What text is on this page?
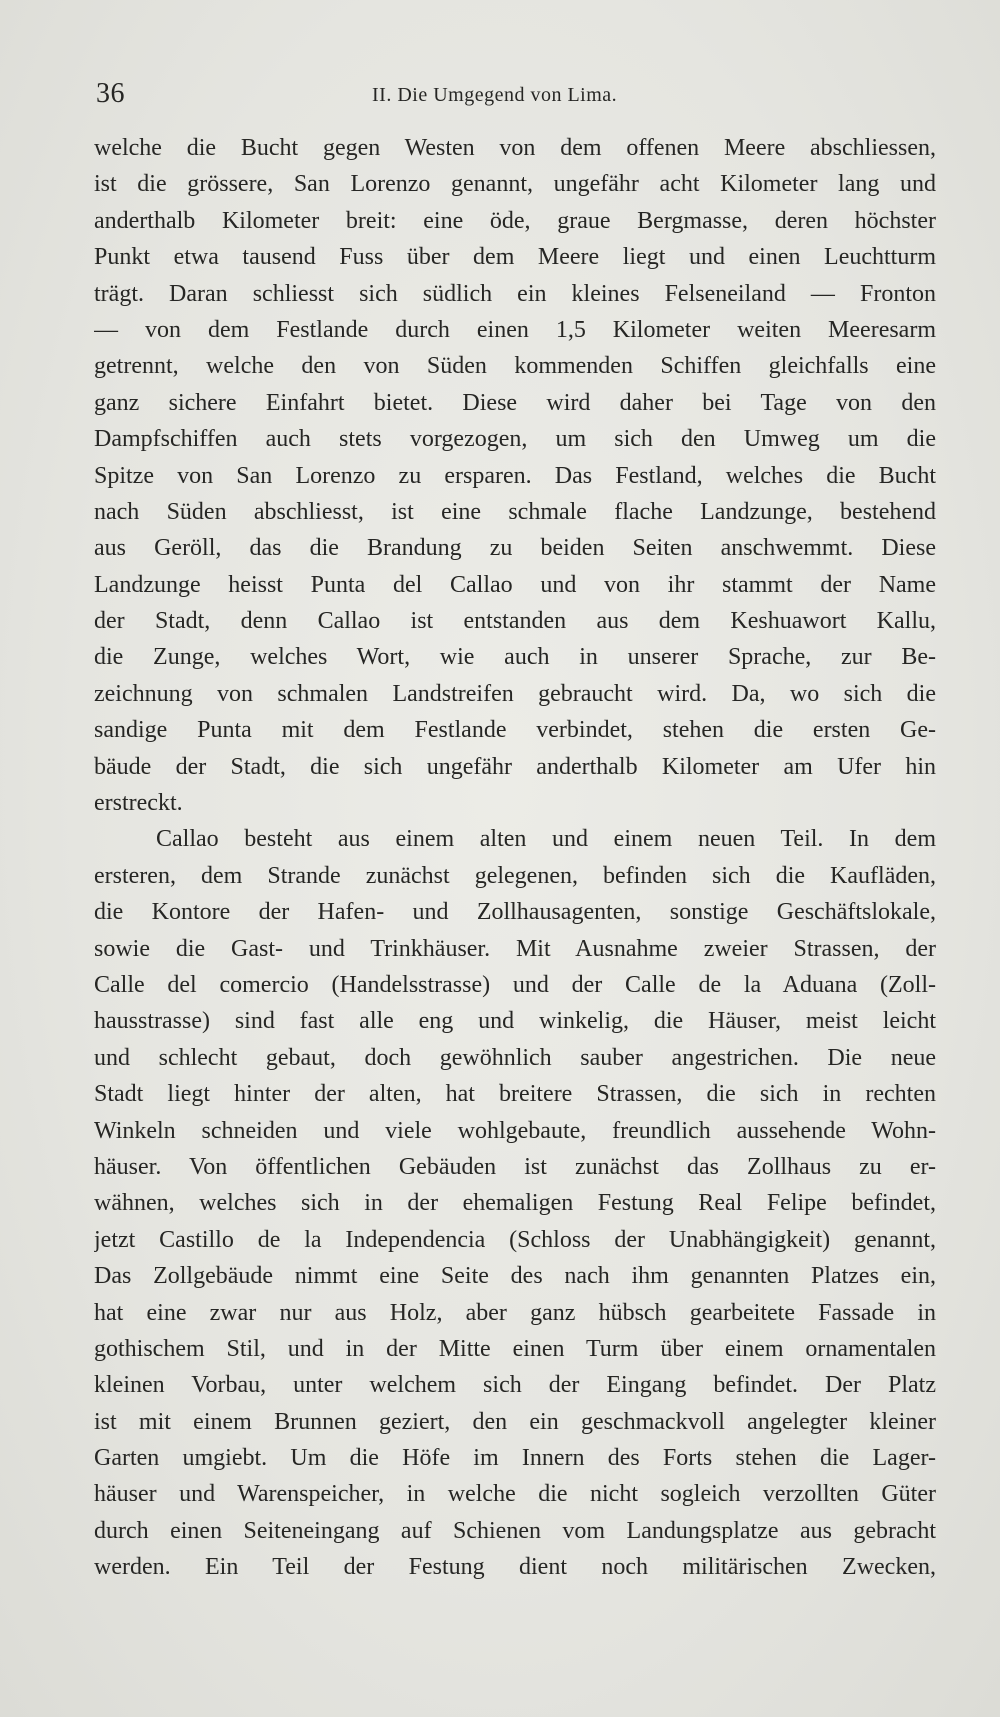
36	II. Die Umgegend von Lima.
welche die Bucht gegen Westen von dem offenen Meere abschliessen,
ist die grössere, San Lorenzo genannt, ungefähr acht Kilometer lang und
anderthalb Kilometer breit: eine öde, graue Bergmasse, deren höchster
Punkt etwa tausend Fuss über dem Meere liegt und einen Leuchtturm
trägt. Daran schliesst sich südlich ein kleines Felseneiland — Fronton
— von dem Festlande durch einen 1,5 Kilometer weiten Meeresarm
getrennt, welche den von Süden kommenden Schiffen gleichfalls eine
ganz sichere Einfahrt bietet. Diese wird daher bei Tage von den
Dampfschiffen auch stets vorgezogen, um sich den Umweg um die
Spitze von San Lorenzo zu ersparen. Das Festland, welches die Bucht
nach Süden abschliesst, ist eine schmale flache Landzunge, bestehend
aus Geröll, das die Brandung zu beiden Seiten anschwemmt. Diese
Landzunge heisst Punta del Callao und von ihr stammt der Name
der Stadt, denn Callao ist entstanden aus dem Keshuawort Kallu,
die Zunge, welches Wort, wie auch in unserer Sprache, zur Be-
zeichnung von schmalen Landstreifen gebraucht wird. Da, wo sich die
sandige Punta mit dem Festlande verbindet, stehen die ersten Ge-
bäude der Stadt, die sich ungefähr anderthalb Kilometer am Ufer hin
erstreckt.
Callao besteht aus einem alten und einem neuen Teil. In dem
ersteren, dem Strande zunächst gelegenen, befinden sich die Kaufläden,
die Kontore der Hafen- und Zollhausagenten, sonstige Geschäftslokale,
sowie die Gast- und Trinkhäuser. Mit Ausnahme zweier Strassen, der
Calle del comercio (Handelsstrasse) und der Calle de la Aduana (Zoll-
hausstrasse) sind fast alle eng und winkelig, die Häuser, meist leicht
und schlecht gebaut, doch gewöhnlich sauber angestrichen. Die neue
Stadt liegt hinter der alten, hat breitere Strassen, die sich in rechten
Winkeln schneiden und viele wohlgebaute, freundlich aussehende Wohn-
häuser. Von öffentlichen Gebäuden ist zunächst das Zollhaus zu er-
wähnen, welches sich in der ehemaligen Festung Real Felipe befindet,
jetzt Castillo de la Independencia (Schloss der Unabhängigkeit) genannt,
Das Zollgebäude nimmt eine Seite des nach ihm genannten Platzes ein,
hat eine zwar nur aus Holz, aber ganz hübsch gearbeitete Fassade in
gothischem Stil, und in der Mitte einen Turm über einem ornamentalen
kleinen Vorbau, unter welchem sich der Eingang befindet. Der Platz
ist mit einem Brunnen geziert, den ein geschmackvoll angelegter kleiner
Garten umgiebt. Um die Höfe im Innern des Forts stehen die Lager-
häuser und Warenspeicher, in welche die nicht sogleich verzollten Güter
durch einen Seiteneingang auf Schienen vom Landungsplatze aus gebracht
werden. Ein Teil der Festung dient noch militärischen Zwecken,
